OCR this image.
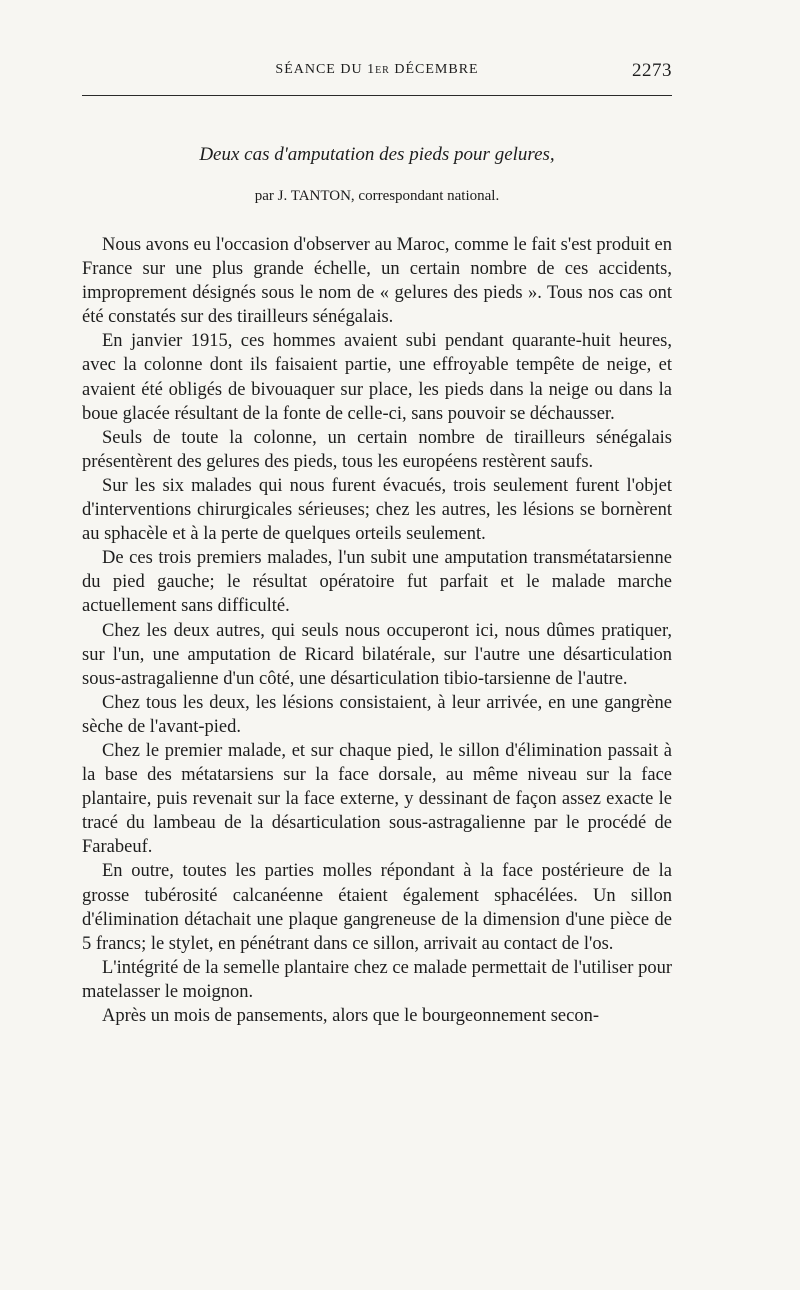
SÉANCE DU 1er DÉCEMBRE	2273
Deux cas d'amputation des pieds pour gelures,
par J. TANTON, correspondant national.

Nous avons eu l'occasion d'observer au Maroc, comme le fait s'est produit en France sur une plus grande échelle, un certain nombre de ces accidents, improprement désignés sous le nom de « gelures des pieds ». Tous nos cas ont été constatés sur des tirailleurs sénégalais.

En janvier 1915, ces hommes avaient subi pendant quarante-huit heures, avec la colonne dont ils faisaient partie, une effroyable tempête de neige, et avaient été obligés de bivouaquer sur place, les pieds dans la neige ou dans la boue glacée résultant de la fonte de celle-ci, sans pouvoir se déchausser.

Seuls de toute la colonne, un certain nombre de tirailleurs sénégalais présentèrent des gelures des pieds, tous les européens restèrent saufs.

Sur les six malades qui nous furent évacués, trois seulement furent l'objet d'interventions chirurgicales sérieuses; chez les autres, les lésions se bornèrent au sphacèle et à la perte de quelques orteils seulement.

De ces trois premiers malades, l'un subit une amputation transmétatarsienne du pied gauche; le résultat opératoire fut parfait et le malade marche actuellement sans difficulté.

Chez les deux autres, qui seuls nous occuperont ici, nous dûmes pratiquer, sur l'un, une amputation de Ricard bilatérale, sur l'autre une désarticulation sous-astragalienne d'un côté, une désarticulation tibio-tarsienne de l'autre.

Chez tous les deux, les lésions consistaient, à leur arrivée, en une gangrène sèche de l'avant-pied.

Chez le premier malade, et sur chaque pied, le sillon d'élimination passait à la base des métatarsiens sur la face dorsale, au même niveau sur la face plantaire, puis revenait sur la face externe, y dessinant de façon assez exacte le tracé du lambeau de la désarticulation sous-astragalienne par le procédé de Farabeuf.

En outre, toutes les parties molles répondant à la face postérieure de la grosse tubérosité calcanéenne étaient également sphacélées. Un sillon d'élimination détachait une plaque gangreneuse de la dimension d'une pièce de 5 francs; le stylet, en pénétrant dans ce sillon, arrivait au contact de l'os.

L'intégrité de la semelle plantaire chez ce malade permettait de l'utiliser pour matelasser le moignon.

Après un mois de pansements, alors que le bourgeonnement secon-
